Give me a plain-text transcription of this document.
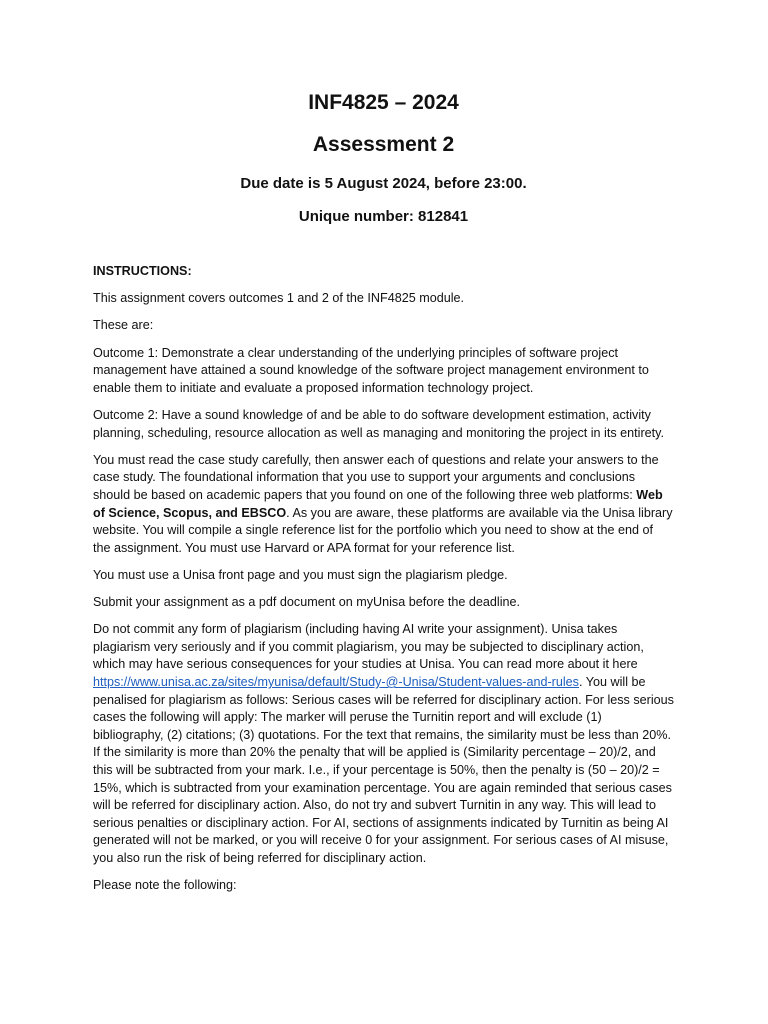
INF4825 – 2024
Assessment 2
Due date is 5 August 2024, before 23:00.
Unique number: 812841

INSTRUCTIONS:

This assignment covers outcomes 1 and 2 of the INF4825 module.

These are:

Outcome 1: Demonstrate a clear understanding of the underlying principles of software project management have attained a sound knowledge of the software project management environment to enable them to initiate and evaluate a proposed information technology project.

Outcome 2: Have a sound knowledge of and be able to do software development estimation, activity planning, scheduling, resource allocation as well as managing and monitoring the project in its entirety.

You must read the case study carefully, then answer each of questions and relate your answers to the case study. The foundational information that you use to support your arguments and conclusions should be based on academic papers that you found on one of the following three web platforms: Web of Science, Scopus, and EBSCO. As you are aware, these platforms are available via the Unisa library website. You will compile a single reference list for the portfolio which you need to show at the end of the assignment. You must use Harvard or APA format for your reference list.

You must use a Unisa front page and you must sign the plagiarism pledge.

Submit your assignment as a pdf document on myUnisa before the deadline.

Do not commit any form of plagiarism (including having AI write your assignment). Unisa takes plagiarism very seriously and if you commit plagiarism, you may be subjected to disciplinary action, which may have serious consequences for your studies at Unisa. You can read more about it here https://www.unisa.ac.za/sites/myunisa/default/Study-@-Unisa/Student-values-and-rules. You will be penalised for plagiarism as follows: Serious cases will be referred for disciplinary action. For less serious cases the following will apply: The marker will peruse the Turnitin report and will exclude (1) bibliography, (2) citations; (3) quotations. For the text that remains, the similarity must be less than 20%. If the similarity is more than 20% the penalty that will be applied is (Similarity percentage – 20)/2, and this will be subtracted from your mark. I.e., if your percentage is 50%, then the penalty is (50 – 20)/2 = 15%, which is subtracted from your examination percentage. You are again reminded that serious cases will be referred for disciplinary action. Also, do not try and subvert Turnitin in any way. This will lead to serious penalties or disciplinary action. For AI, sections of assignments indicated by Turnitin as being AI generated will not be marked, or you will receive 0 for your assignment. For serious cases of AI misuse, you also run the risk of being referred for disciplinary action.

Please note the following:
